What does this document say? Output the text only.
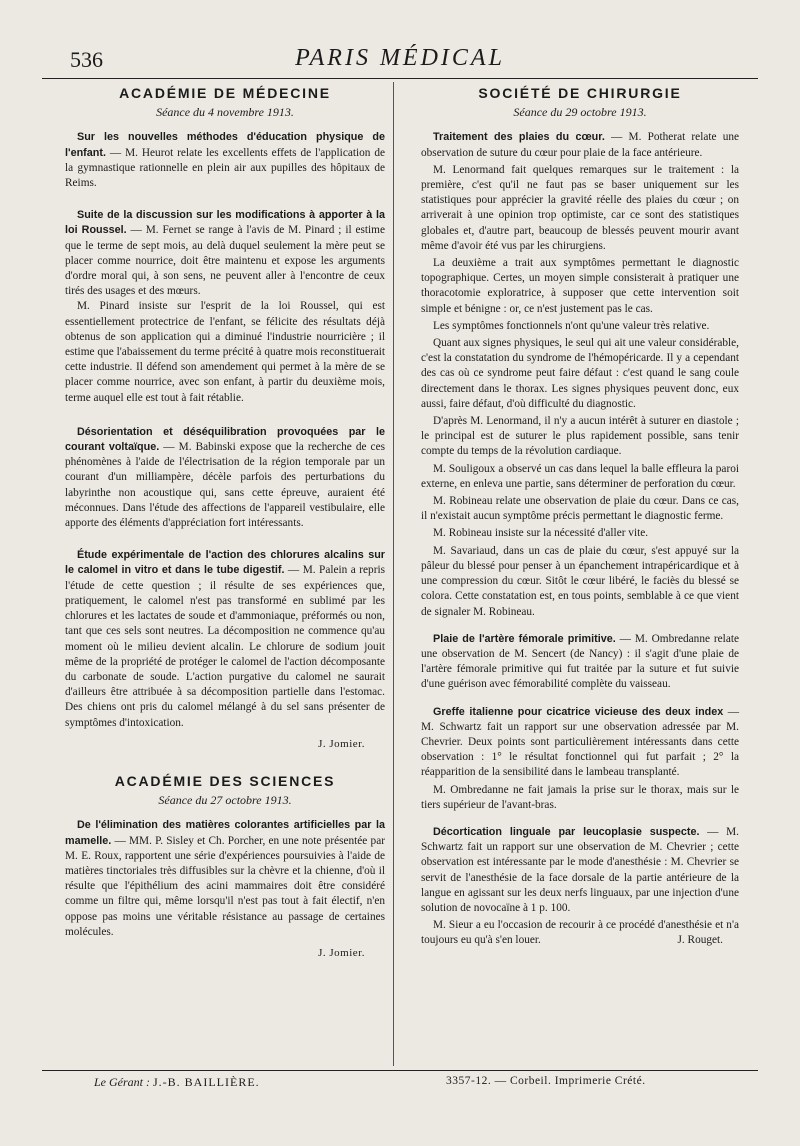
536	PARIS MÉDICAL
ACADÉMIE DE MÉDECINE
Séance du 4 novembre 1913.

Sur les nouvelles méthodes d'éducation physique de l'enfant. — M. Heurot relate les excellents effets de l'application de la gymnastique rationnelle en plein air aux pupilles des hôpitaux de Reims.

Suite de la discussion sur les modifications à apporter à la loi Roussel. — M. Fernet se range à l'avis de M. Pinard ; il estime que le terme de sept mois, au delà duquel seulement la mère peut se placer comme nourrice, doit être maintenu et expose les arguments d'ordre moral qui, à son sens, ne peuvent aller à l'encontre de ceux tirés des usages et des mœurs.

M. Pinard insiste sur l'esprit de la loi Roussel, qui est essentiellement protectrice de l'enfant, se félicite des résultats déjà obtenus de son application qui a diminué l'industrie nourricière ; il estime que l'abaissement du terme précité à quatre mois reconstituerait cette industrie. Il défend son amendement qui permet à la mère de se placer comme nourrice, avec son enfant, à partir du deuxième mois, terme auquel elle est tout à fait rétablie.

Désorientation et déséquilibration provoquées par le courant voltaïque. — M. Babinski expose que la recherche de ces phénomènes à l'aide de l'électrisation de la région temporale par un courant d'un milliampère, décèle parfois des perturbations du labyrinthe non acoustique qui, sans cette épreuve, auraient été méconnues. Dans l'étude des affections de l'appareil vestibulaire, elle apporte des éléments d'appréciation fort intéressants.

Étude expérimentale de l'action des chlorures alcalins sur le calomel in vitro et dans le tube digestif. — M. Palein a repris l'étude de cette question ; il résulte de ses expériences que, pratiquement, le calomel n'est pas transformé en sublimé par les chlorures et les lactates de soude et d'ammoniaque, préformés ou non, tant que ces sels sont neutres. La décomposition ne commence qu'au moment où le milieu devient alcalin. Le chlorure de sodium jouit même de la propriété de protéger le calomel de l'action décomposante du carbonate de soude. L'action purgative du calomel ne saurait d'ailleurs être attribuée à sa décomposition partielle dans l'estomac. Des chiens ont pris du calomel mélangé à du sel sans présenter de symptômes d'intoxication.

J. Jomier.
ACADÉMIE DES SCIENCES
Séance du 27 octobre 1913.

De l'élimination des matières colorantes artificielles par la mamelle. — MM. P. Sisley et Ch. Porcher, en une note présentée par M. E. Roux, rapportent une série d'expériences poursuivies à l'aide de matières tinctoriales très diffusibles sur la chèvre et la chienne, d'où il résulte que l'épithélium des acini mammaires doit être considéré comme un filtre qui, même lorsqu'il n'est pas tout à fait électif, n'en oppose pas moins une véritable résistance au passage de certaines molécules.

J. Jomier.
SOCIÉTÉ DE CHIRURGIE
Séance du 29 octobre 1913.

Traitement des plaies du cœur. — M. Potherat relate une observation de suture du cœur pour plaie de la face antérieure.

M. Lenormand fait quelques remarques sur le traitement : la première, c'est qu'il ne faut pas se baser uniquement sur les statistiques pour apprécier la gravité réelle des plaies du cœur ; on arriverait à une opinion trop optimiste, car ce sont des statistiques globales et, d'autre part, beaucoup de blessés peuvent mourir avant même d'avoir été vus par les chirurgiens.

La deuxième a trait aux symptômes permettant le diagnostic topographique. Certes, un moyen simple consisterait à pratiquer une thoracotomie exploratrice, à supposer que cette intervention soit simple et bénigne : or, ce n'est justement pas le cas.

Les symptômes fonctionnels n'ont qu'une valeur très relative.

Quant aux signes physiques, le seul qui ait une valeur considérable, c'est la constatation du syndrome de l'hémopéricarde. Il y a cependant des cas où ce syndrome peut faire défaut : c'est quand le sang coule directement dans le thorax. Les signes physiques peuvent donc, eux aussi, faire défaut, d'où difficulté du diagnostic.

D'après M. Lenormand, il n'y a aucun intérêt à suturer en diastole ; le principal est de suturer le plus rapidement possible, sans tenir compte du temps de la révolution cardiaque.

M. Souligoux a observé un cas dans lequel la balle effleura la paroi externe, en enleva une partie, sans déterminer de perforation du cœur.

M. Robineau relate une observation de plaie du cœur. Dans ce cas, il n'existait aucun symptôme précis permettant le diagnostic ferme.

M. Robineau insiste sur la nécessité d'aller vite.

M. Savariaud, dans un cas de plaie du cœur, s'est appuyé sur la pâleur du blessé pour penser à un épanchement intrapéricardique et à une compression du cœur. Sitôt le cœur libéré, le faciès du blessé se colora. Cette constatation est, en tous points, semblable à ce que vient de signaler M. Robineau.

Plaie de l'artère fémorale primitive. — M. Ombredanne relate une observation de M. Sencert (de Nancy) : il s'agit d'une plaie de l'artère fémorale primitive qui fut traitée par la suture et fut suivie d'une guérison avec fémorabilité complète du vaisseau.

Greffe italienne pour cicatrice vicieuse des deux index — M. Schwartz fait un rapport sur une observation adressée par M. Chevrier. Deux points sont particulièrement intéressants dans cette observation : 1° le résultat fonctionnel qui fut parfait ; 2° la réapparition de la sensibilité dans le lambeau transplanté.

M. Ombredanne ne fait jamais la prise sur le thorax, mais sur le tiers supérieur de l'avant-bras.

Décortication linguale par leucoplasie suspecte. — M. Schwartz fait un rapport sur une observation de M. Chevrier ; cette observation est intéressante par le mode d'anesthésie : M. Chevrier se servit de l'anesthésie de la face dorsale de la partie antérieure de la langue en agissant sur les deux nerfs linguaux, par une injection d'une solution de novocaïne à 1 p. 100.

M. Sieur a eu l'occasion de recourir à ce procédé d'anesthésie et n'a toujours eu qu'à s'en louer.	J. Rouget.

Le Gérant : J.-B. BAILLIÈRE.	3357-12. — Corbeil. Imprimerie Crété.
